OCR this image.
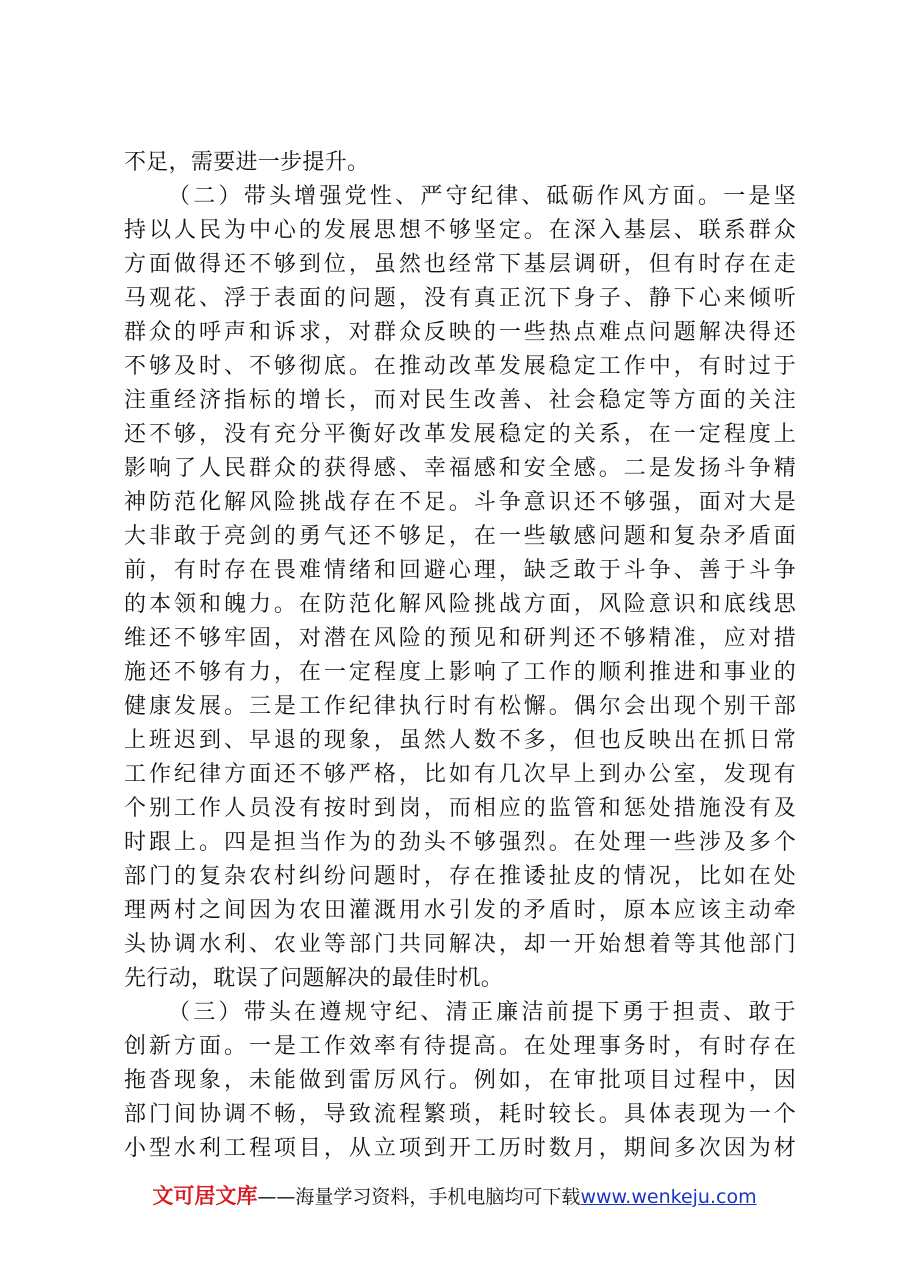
不足，需要进一步提升。
（二）带头增强党性、严守纪律、砥砺作风方面。一是坚
持以人民为中心的发展思想不够坚定。在深入基层、联系群众
方面做得还不够到位，虽然也经常下基层调研，但有时存在走
马观花、浮于表面的问题，没有真正沉下身子、静下心来倾听
群众的呼声和诉求，对群众反映的一些热点难点问题解决得还
不够及时、不够彻底。在推动改革发展稳定工作中，有时过于
注重经济指标的增长，而对民生改善、社会稳定等方面的关注
还不够，没有充分平衡好改革发展稳定的关系，在一定程度上
影响了人民群众的获得感、幸福感和安全感。二是发扬斗争精
神防范化解风险挑战存在不足。斗争意识还不够强，面对大是
大非敢于亮剑的勇气还不够足，在一些敏感问题和复杂矛盾面
前，有时存在畏难情绪和回避心理，缺乏敢于斗争、善于斗争
的本领和魄力。在防范化解风险挑战方面，风险意识和底线思
维还不够牢固，对潜在风险的预见和研判还不够精准，应对措
施还不够有力，在一定程度上影响了工作的顺利推进和事业的
健康发展。三是工作纪律执行时有松懈。偶尔会出现个别干部
上班迟到、早退的现象，虽然人数不多，但也反映出在抓日常
工作纪律方面还不够严格，比如有几次早上到办公室，发现有
个别工作人员没有按时到岗，而相应的监管和惩处措施没有及
时跟上。四是担当作为的劲头不够强烈。在处理一些涉及多个
部门的复杂农村纠纷问题时，存在推诿扯皮的情况，比如在处
理两村之间因为农田灌溉用水引发的矛盾时，原本应该主动牵
头协调水利、农业等部门共同解决，却一开始想着等其他部门
先行动，耽误了问题解决的最佳时机。
（三）带头在遵规守纪、清正廉洁前提下勇于担责、敢于
创新方面。一是工作效率有待提高。在处理事务时，有时存在
拖沓现象，未能做到雷厉风行。例如，在审批项目过程中，因
部门间协调不畅，导致流程繁琐，耗时较长。具体表现为一个
小型水利工程项目，从立项到开工历时数月，期间多次因为材
文可居文库——海量学习资料，手机电脑均可下载www.wenkeju.com
